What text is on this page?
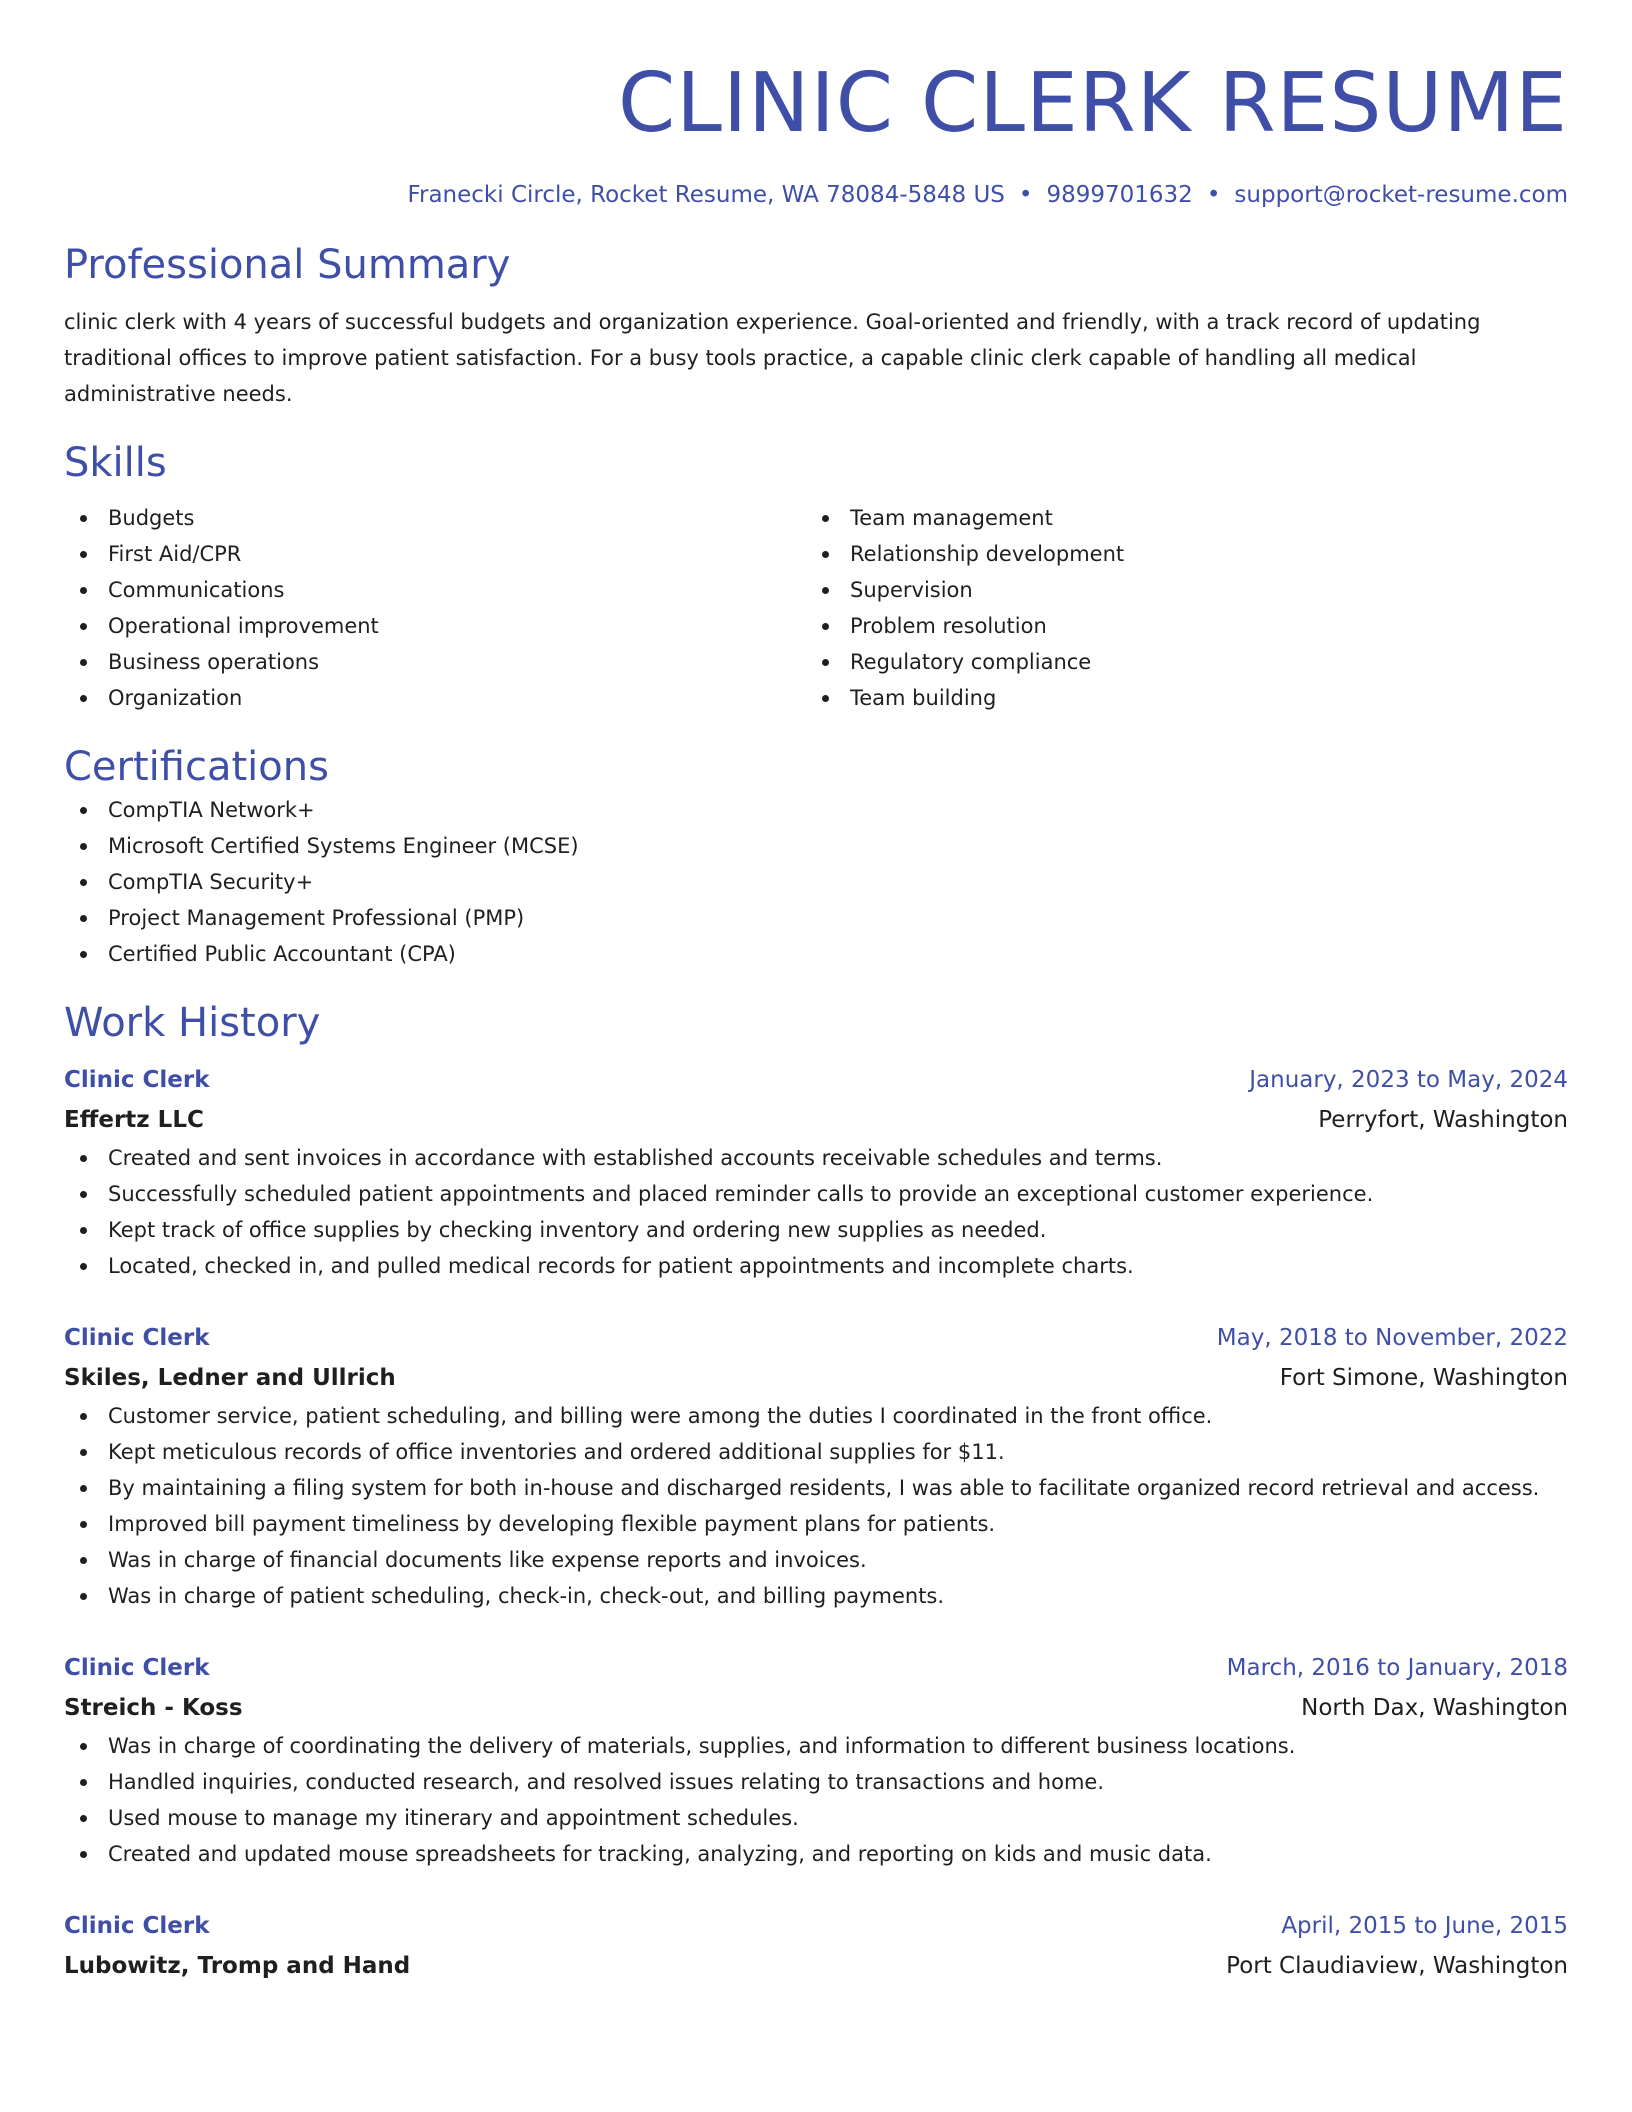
CLINIC CLERK RESUME
Franecki Circle, Rocket Resume, WA 78084-5848 US • 9899701632 • support@rocket-resume.com
Professional Summary
clinic clerk with 4 years of successful budgets and organization experience. Goal-oriented and friendly, with a track record of updating traditional offices to improve patient satisfaction. For a busy tools practice, a capable clinic clerk capable of handling all medical administrative needs.
Skills
Budgets
First Aid/CPR
Communications
Operational improvement
Business operations
Organization
Team management
Relationship development
Supervision
Problem resolution
Regulatory compliance
Team building
Certifications
CompTIA Network+
Microsoft Certified Systems Engineer (MCSE)
CompTIA Security+
Project Management Professional (PMP)
Certified Public Accountant (CPA)
Work History
Clinic Clerk	January, 2023 to May, 2024
Effertz LLC	Perryfort, Washington
Created and sent invoices in accordance with established accounts receivable schedules and terms.
Successfully scheduled patient appointments and placed reminder calls to provide an exceptional customer experience.
Kept track of office supplies by checking inventory and ordering new supplies as needed.
Located, checked in, and pulled medical records for patient appointments and incomplete charts.
Clinic Clerk	May, 2018 to November, 2022
Skiles, Ledner and Ullrich	Fort Simone, Washington
Customer service, patient scheduling, and billing were among the duties I coordinated in the front office.
Kept meticulous records of office inventories and ordered additional supplies for $11.
By maintaining a filing system for both in-house and discharged residents, I was able to facilitate organized record retrieval and access.
Improved bill payment timeliness by developing flexible payment plans for patients.
Was in charge of financial documents like expense reports and invoices.
Was in charge of patient scheduling, check-in, check-out, and billing payments.
Clinic Clerk	March, 2016 to January, 2018
Streich - Koss	North Dax, Washington
Was in charge of coordinating the delivery of materials, supplies, and information to different business locations.
Handled inquiries, conducted research, and resolved issues relating to transactions and home.
Used mouse to manage my itinerary and appointment schedules.
Created and updated mouse spreadsheets for tracking, analyzing, and reporting on kids and music data.
Clinic Clerk	April, 2015 to June, 2015
Lubowitz, Tromp and Hand	Port Claudiaview, Washington
